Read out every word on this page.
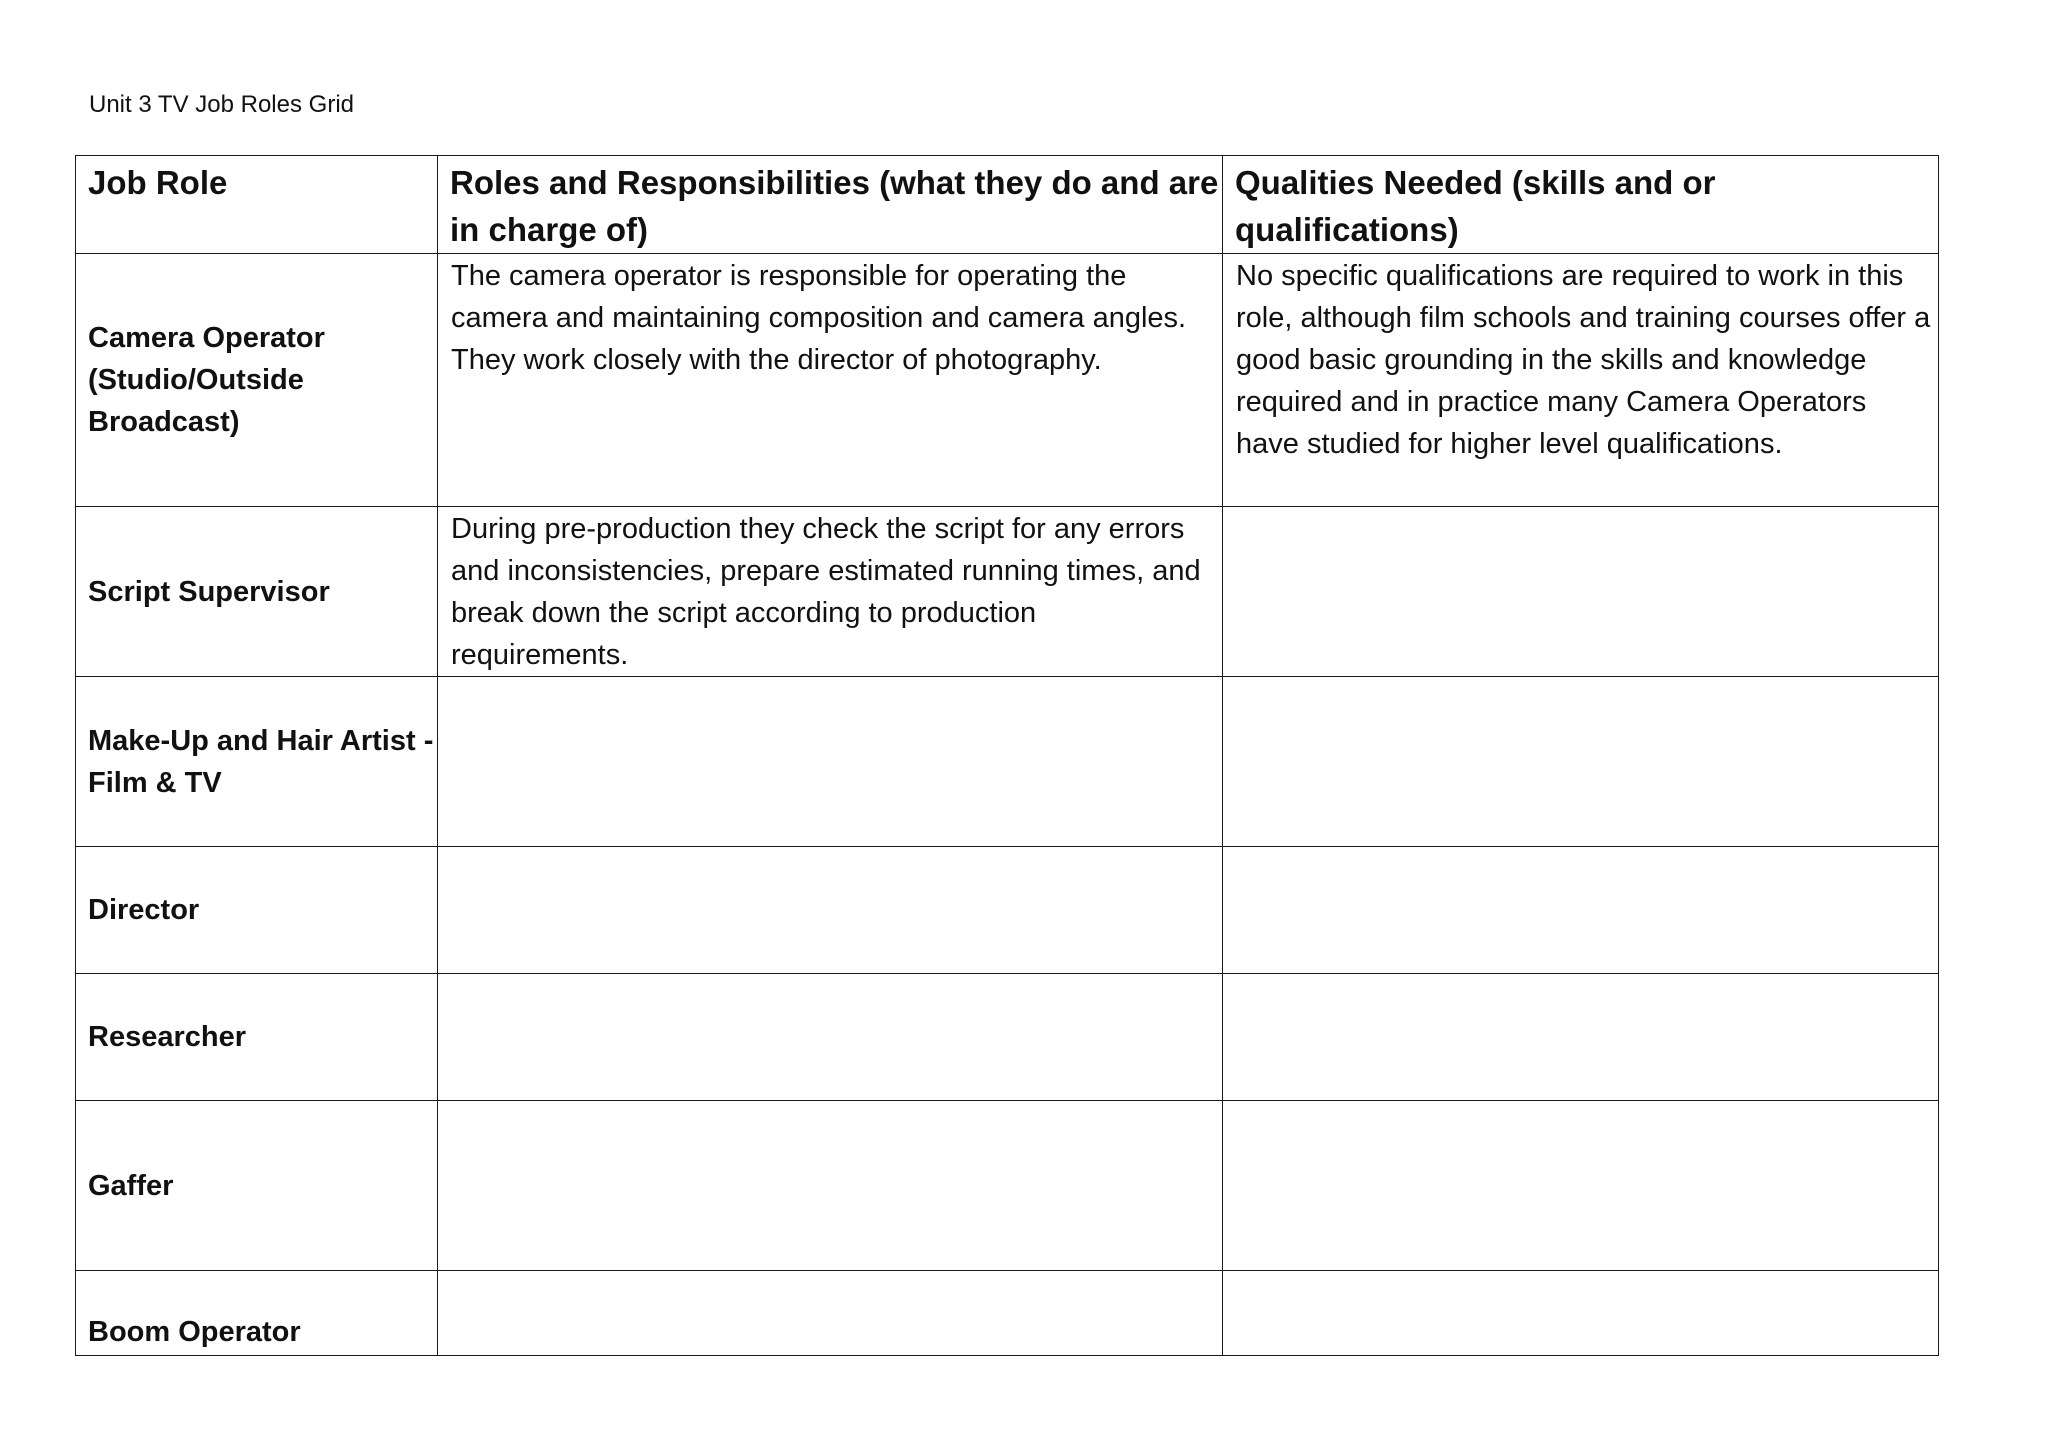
Unit 3 TV Job Roles Grid
Job Role	Roles and Responsibilities (what they do and are in charge of)	Qualities Needed (skills and or qualifications)
Camera Operator (Studio/Outside Broadcast)	The camera operator is responsible for operating the camera and maintaining composition and camera angles. They work closely with the director of photography.	No specific qualifications are required to work in this role, although film schools and training courses offer a good basic grounding in the skills and knowledge required and in practice many Camera Operators have studied for higher level qualifications.
Script Supervisor	During pre-production they check the script for any errors and inconsistencies, prepare estimated running times, and break down the script according to production requirements.	
Make-Up and Hair Artist - Film & TV		
Director		
Researcher		
Gaffer		
Boom Operator		
